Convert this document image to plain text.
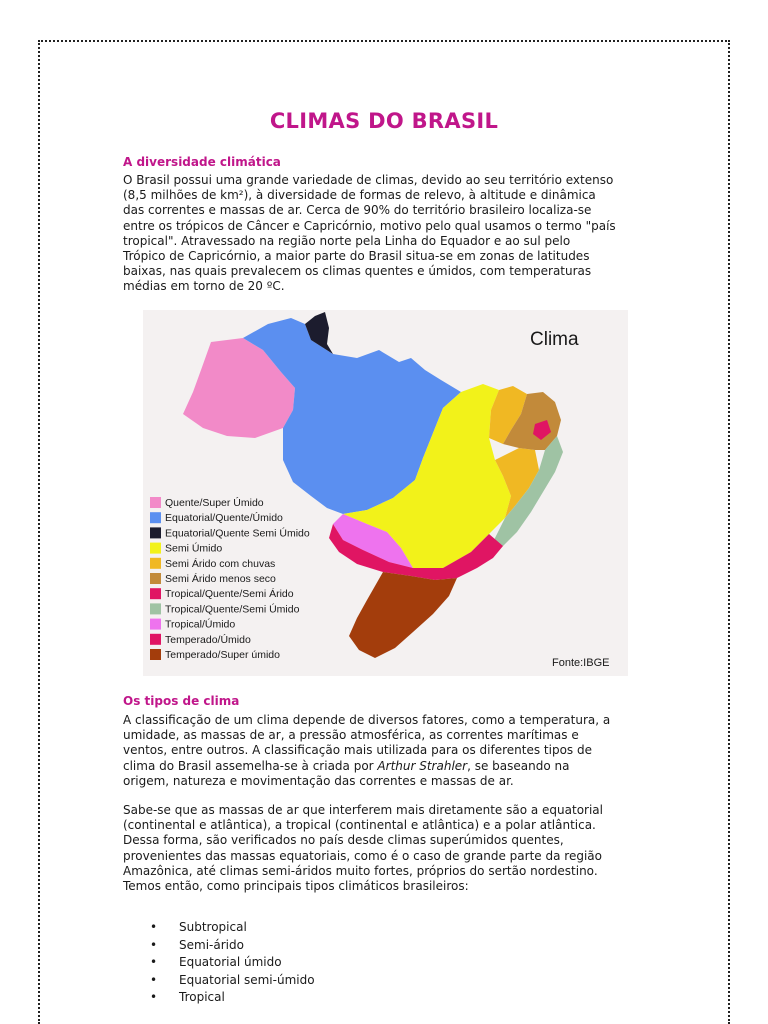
CLIMAS DO BRASIL
A diversidade climática
O Brasil possui uma grande variedade de climas, devido ao seu território extenso
(8,5 milhões de km²), à diversidade de formas de relevo, à altitude e dinâmica
das correntes e massas de ar. Cerca de 90% do território brasileiro localiza-se
entre os trópicos de Câncer e Capricórnio, motivo pelo qual usamos o termo "país
tropical". Atravessado na região norte pela Linha do Equador e ao sul pelo
Trópico de Capricórnio, a maior parte do Brasil situa-se em zonas de latitudes
baixas, nas quais prevalecem os climas quentes e úmidos, com temperaturas
médias em torno de 20 ºC.
Clima
Fonte:IBGE
Quente/Super Úmido
Equatorial/Quente/Úmido
Equatorial/Quente Semi Úmido
Semi Úmido
Semi Árido com chuvas
Semi Árido menos seco
Tropical/Quente/Semi Árido
Tropical/Quente/Semi Úmido
Tropical/Úmido
Temperado/Úmido
Temperado/Super úmido
Os tipos de clima
A classificação de um clima depende de diversos fatores, como a temperatura, a
umidade, as massas de ar, a pressão atmosférica, as correntes marítimas e
ventos, entre outros. A classificação mais utilizada para os diferentes tipos de
clima do Brasil assemelha-se à criada por Arthur Strahler, se baseando na
origem, natureza e movimentação das correntes e massas de ar.
Sabe-se que as massas de ar que interferem mais diretamente são a equatorial
(continental e atlântica), a tropical (continental e atlântica) e a polar atlântica.
Dessa forma, são verificados no país desde climas superúmidos quentes,
provenientes das massas equatoriais, como é o caso de grande parte da região
Amazônica, até climas semi-áridos muito fortes, próprios do sertão nordestino.
Temos então, como principais tipos climáticos brasileiros:
• Subtropical
• Semi-árido
• Equatorial úmido
• Equatorial semi-úmido
• Tropical
